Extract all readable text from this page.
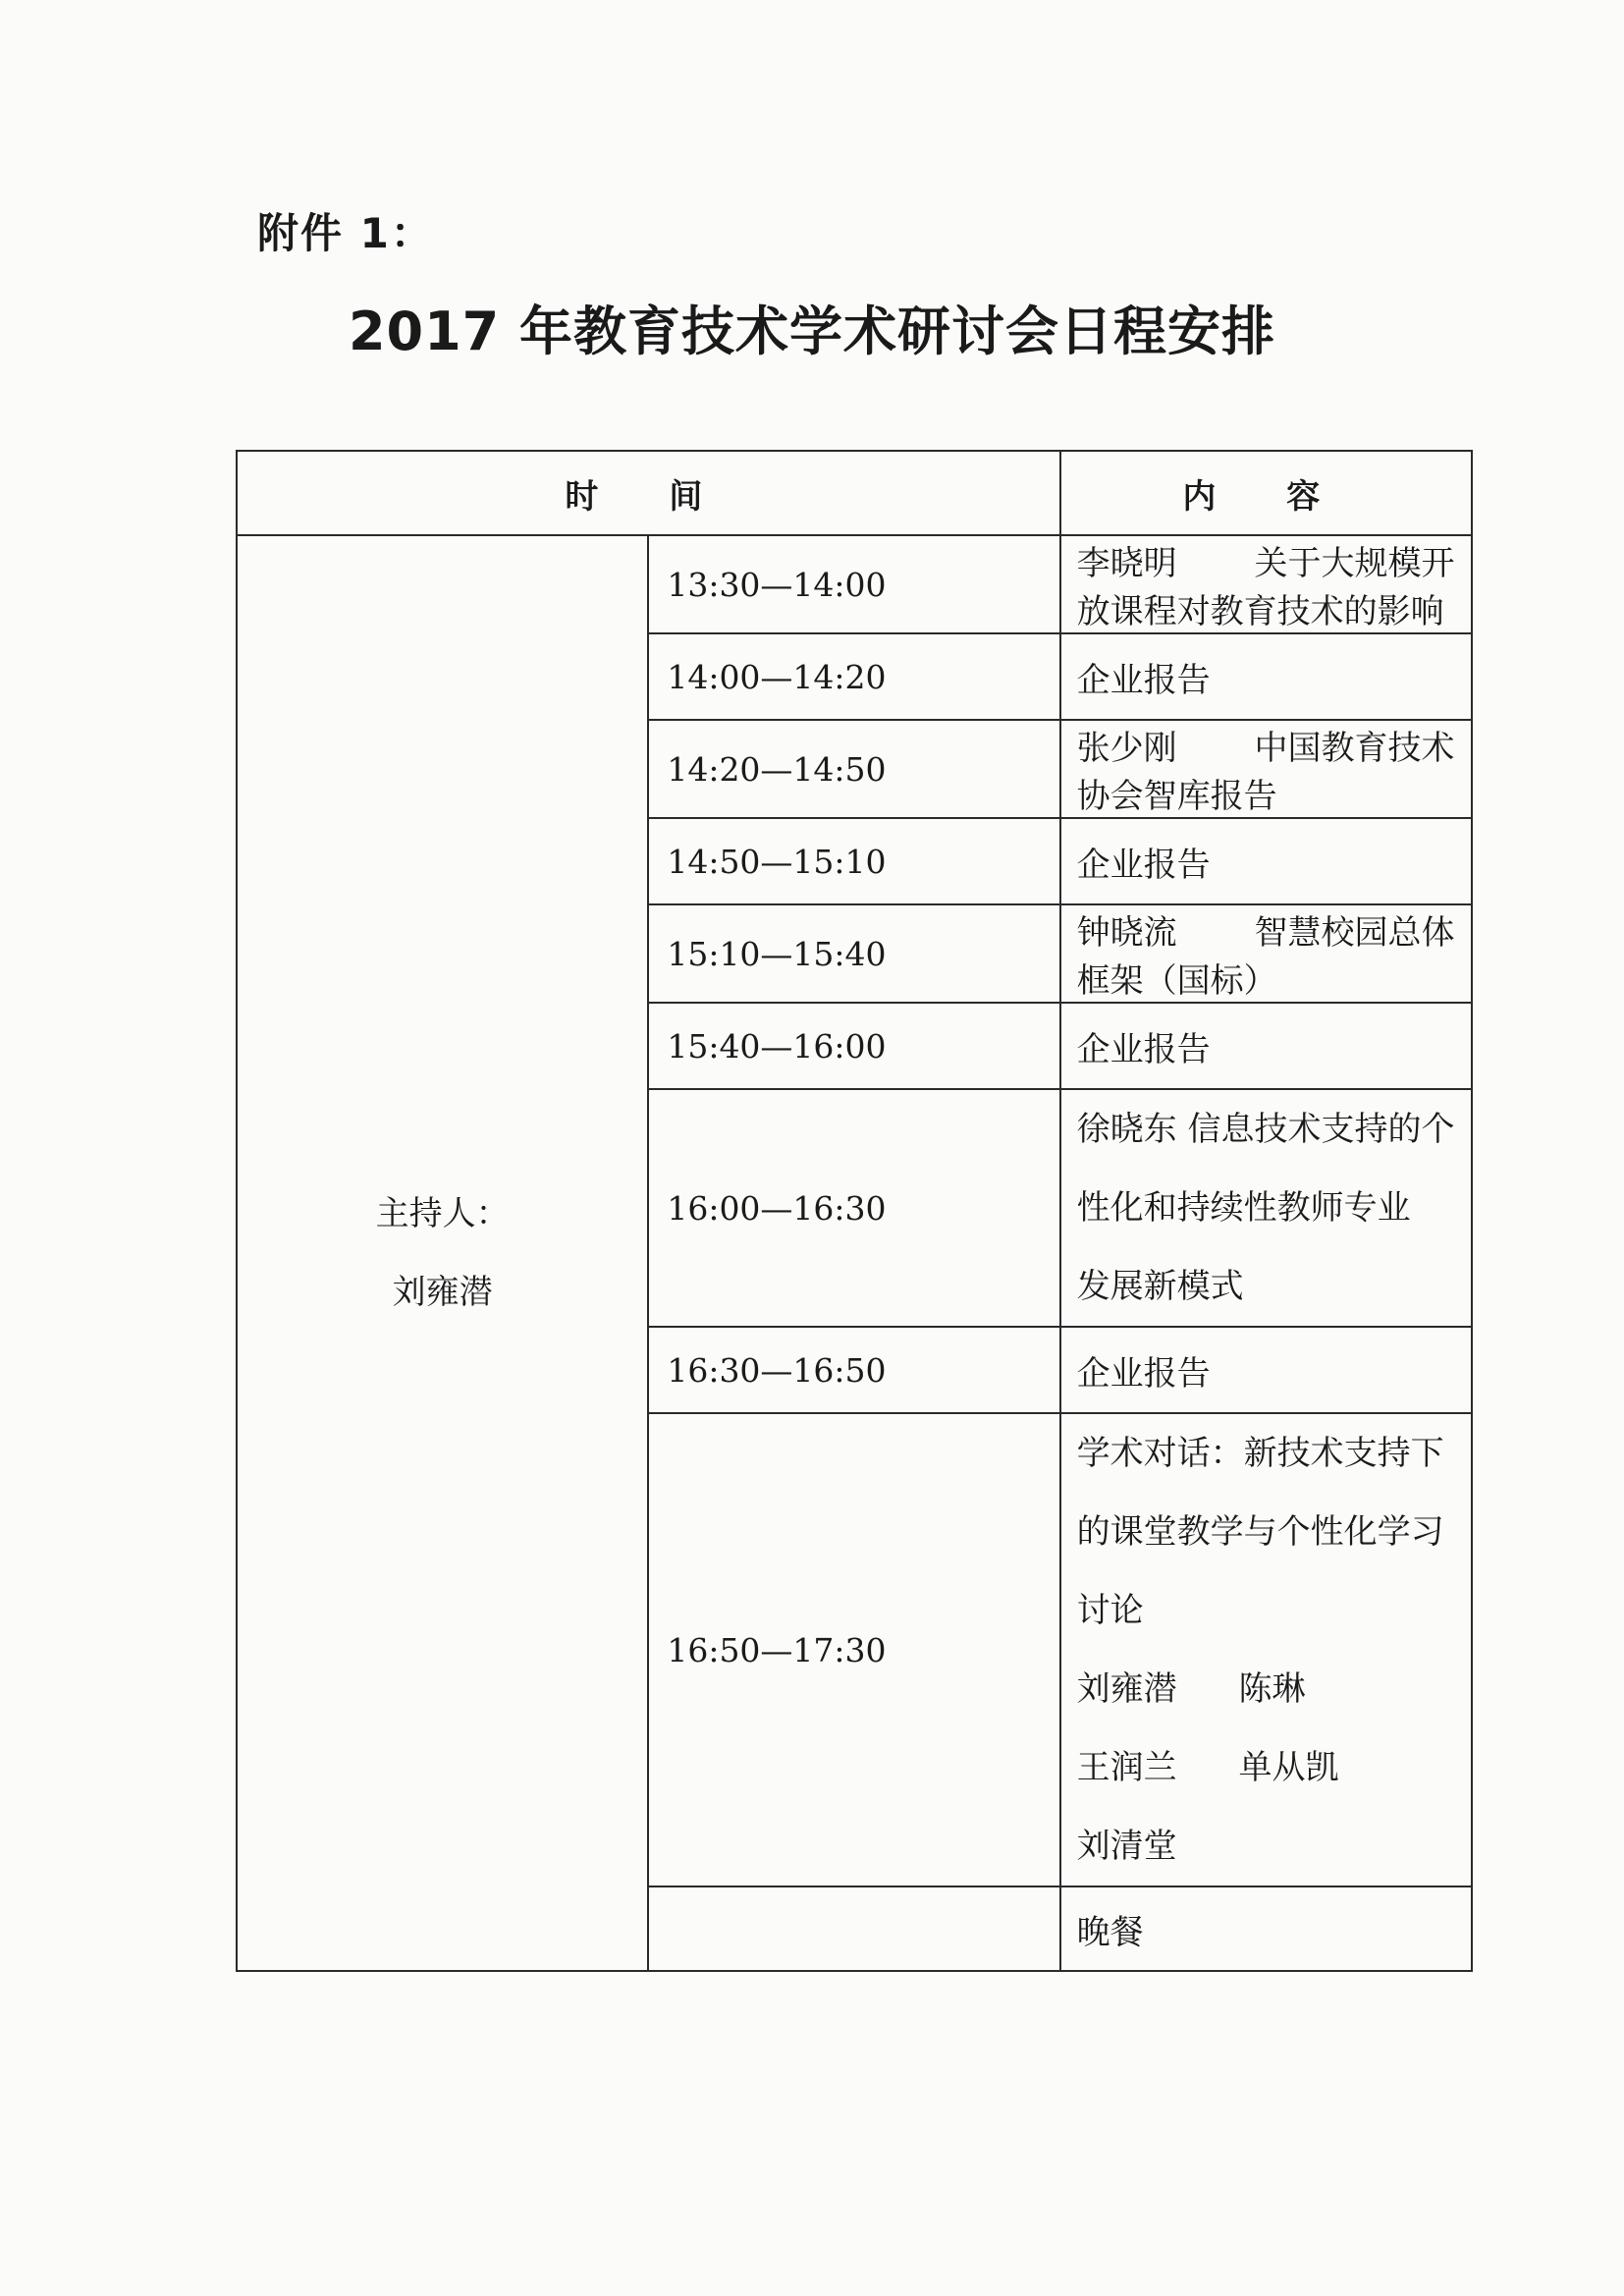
附件 1：
2017 年教育技术学术研讨会日程安排
时 间		内 容

主持人：
刘雍潜	13:30—14:00	李晓明 关于大规模开放课程对教育技术的影响
	14:00—14:20	企业报告
	14:20—14:50	张少刚 中国教育技术协会智库报告
	14:50—15:10	企业报告
	15:10—15:40	钟晓流 智慧校园总体框架（国标）
	15:40—16:00	企业报告
	16:00—16:30	徐晓东 信息技术支持的个性化和持续性教师专业
发展新模式

	16:30—16:50	企业报告
	16:50—17:30	学术对话：新技术支持下的课堂教学与个性化学习
讨论
刘雍潜 陈琳 王润兰 单从凯 刘清堂

		晚餐
